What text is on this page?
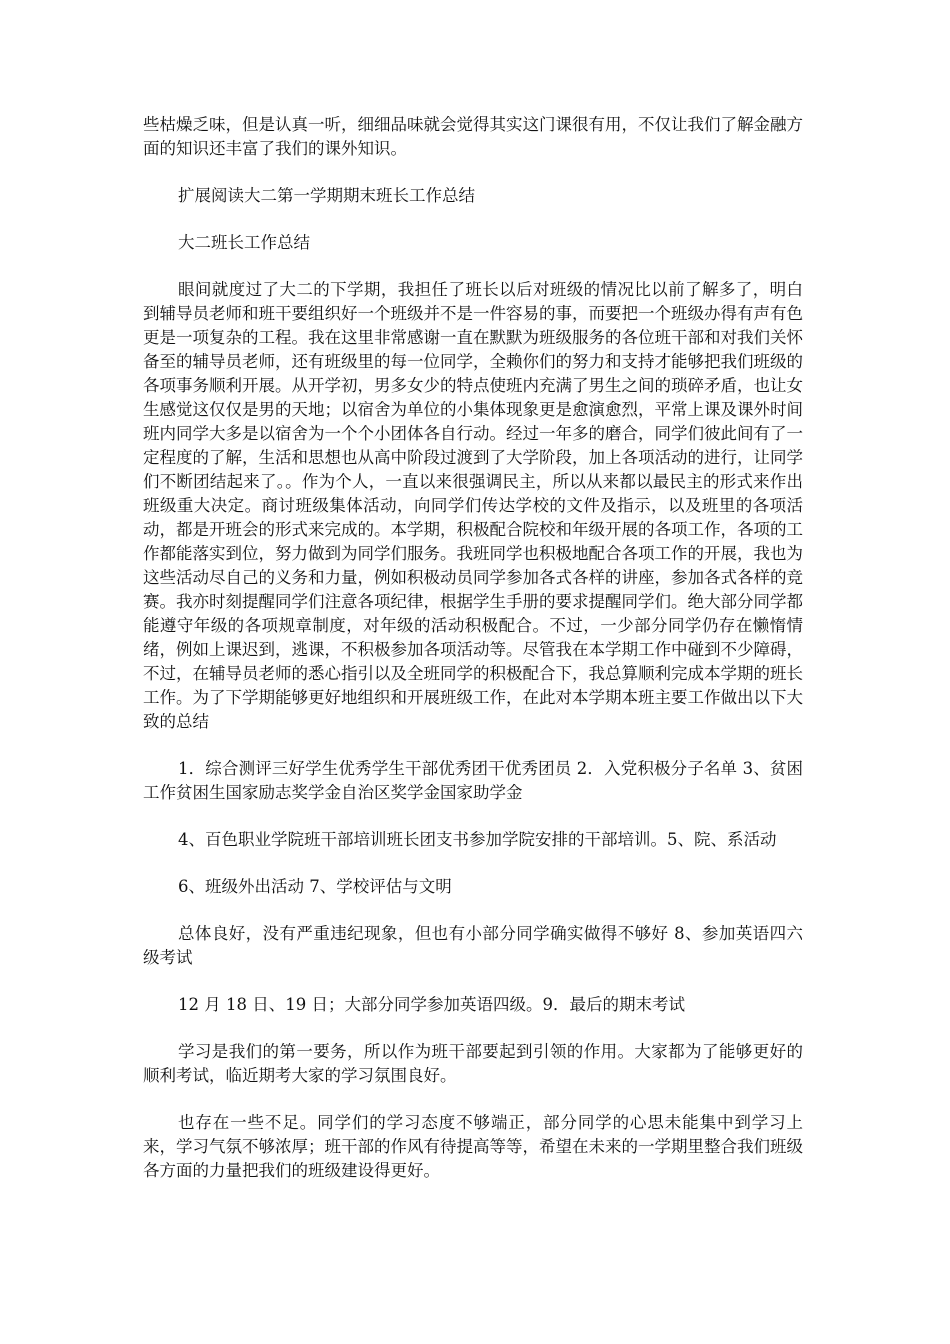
些枯燥乏味，但是认真一听，细细品味就会觉得其实这门课很有用，不仅让我们了解金融方面的知识还丰富了我们的课外知识。

扩展阅读大二第一学期期末班长工作总结

大二班长工作总结

眼间就度过了大二的下学期，我担任了班长以后对班级的情况比以前了解多了，明白到辅导员老师和班干要组织好一个班级并不是一件容易的事，而要把一个班级办得有声有色更是一项复杂的工程。我在这里非常感谢一直在默默为班级服务的各位班干部和对我们关怀备至的辅导员老师，还有班级里的每一位同学，全赖你们的努力和支持才能够把我们班级的各项事务顺利开展。从开学初，男多女少的特点使班内充满了男生之间的琐碎矛盾，也让女生感觉这仅仅是男的天地；以宿舍为单位的小集体现象更是愈演愈烈，平常上课及课外时间班内同学大多是以宿舍为一个个小团体各自行动。经过一年多的磨合，同学们彼此间有了一定程度的了解，生活和思想也从高中阶段过渡到了大学阶段，加上各项活动的进行，让同学们不断团结起来了。。作为个人，一直以来很强调民主，所以从来都以最民主的形式来作出班级重大决定。商讨班级集体活动，向同学们传达学校的文件及指示，以及班里的各项活动，都是开班会的形式来完成的。本学期，积极配合院校和年级开展的各项工作，各项的工作都能落实到位，努力做到为同学们服务。我班同学也积极地配合各项工作的开展，我也为这些活动尽自己的义务和力量，例如积极动员同学参加各式各样的讲座，参加各式各样的竞赛。我亦时刻提醒同学们注意各项纪律，根据学生手册的要求提醒同学们。绝大部分同学都能遵守年级的各项规章制度，对年级的活动积极配合。不过，一少部分同学仍存在懒惰情绪，例如上课迟到，逃课，不积极参加各项活动等。尽管我在本学期工作中碰到不少障碍，不过，在辅导员老师的悉心指引以及全班同学的积极配合下，我总算顺利完成本学期的班长工作。为了下学期能够更好地组织和开展班级工作，在此对本学期本班主要工作做出以下大致的总结

1．综合测评三好学生优秀学生干部优秀团干优秀团员 2．入党积极分子名单 3、贫困工作贫困生国家励志奖学金自治区奖学金国家助学金

4、百色职业学院班干部培训班长团支书参加学院安排的干部培训。5、院、系活动

6、班级外出活动 7、学校评估与文明

总体良好，没有严重违纪现象，但也有小部分同学确实做得不够好 8、参加英语四六级考试

12 月 18 日、19 日；大部分同学参加英语四级。9．最后的期末考试

学习是我们的第一要务，所以作为班干部要起到引领的作用。大家都为了能够更好的顺利考试，临近期考大家的学习氛围良好。

也存在一些不足。同学们的学习态度不够端正，部分同学的心思未能集中到学习上来，学习气氛不够浓厚；班干部的作风有待提高等等，希望在未来的一学期里整合我们班级各方面的力量把我们的班级建设得更好。
